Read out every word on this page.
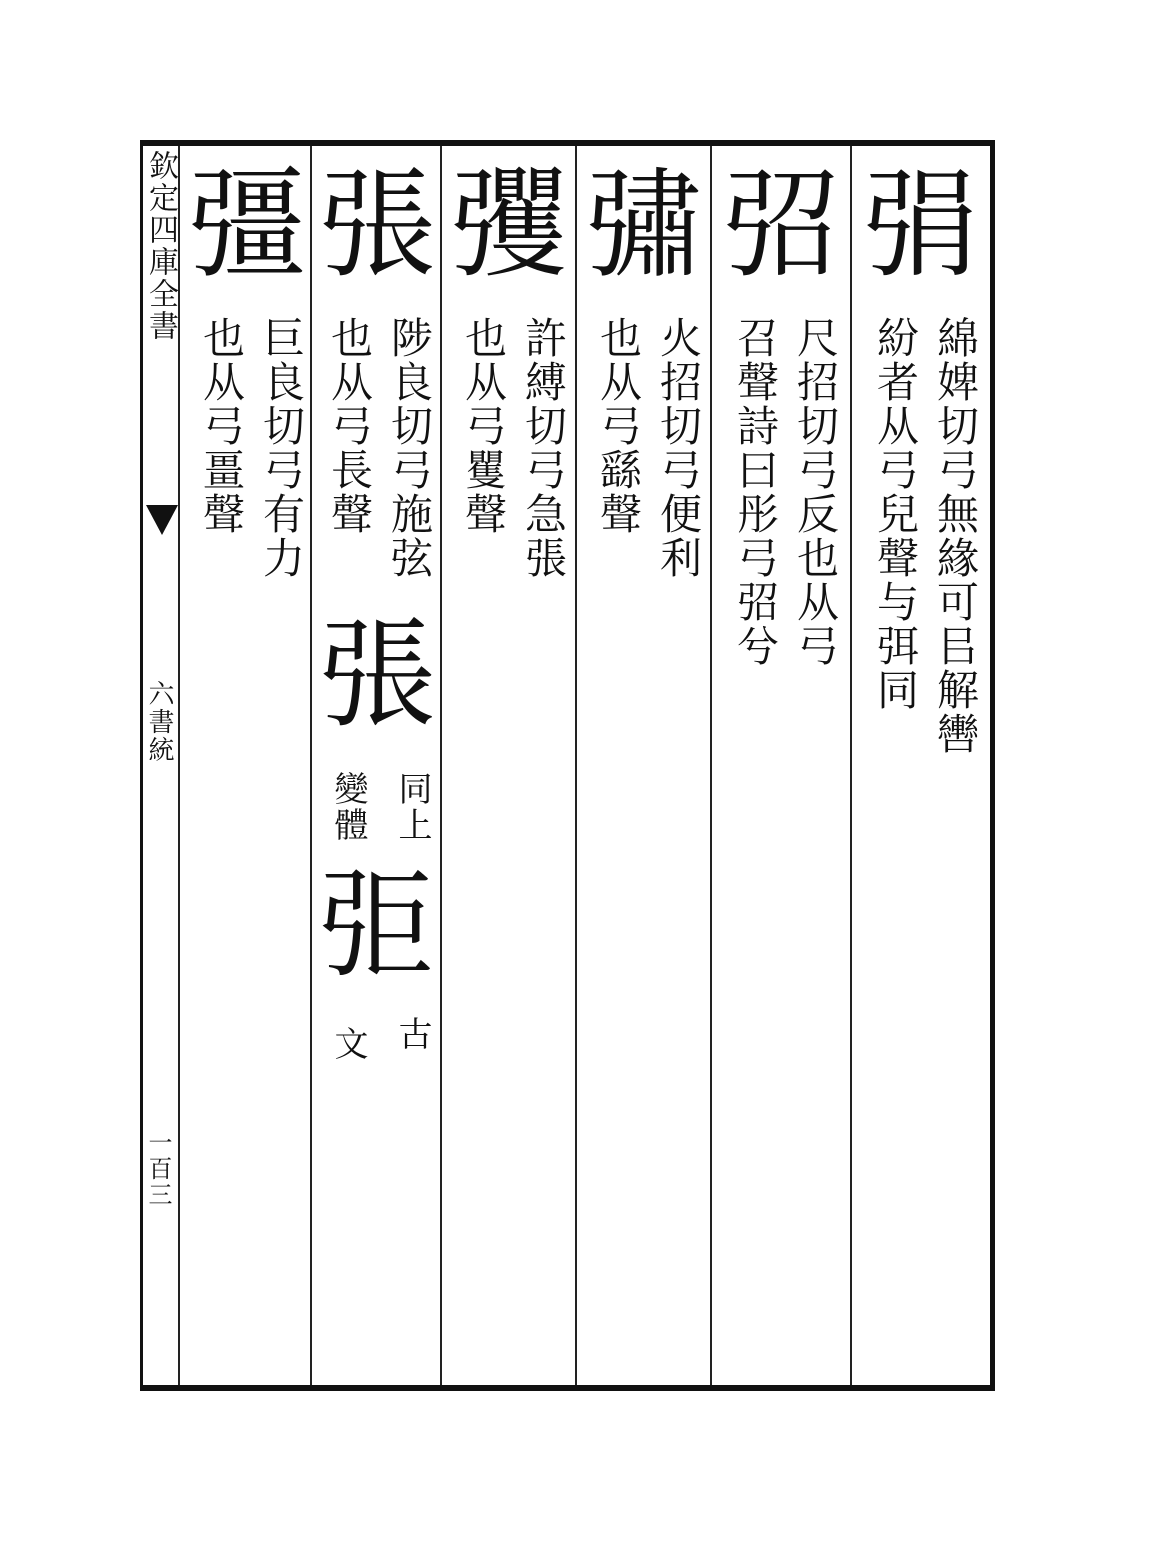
欽定四庫全書
六書統
一百三
弲
綿婢切弓無緣可㠯解轡
紛者从弓兒聲与弭同
弨
尺招切弓反也从弓
召聲詩曰彤弓弨兮
彇
火招切弓便利
也从弓繇聲
彏
許縛切弓急張
也从弓矍聲
張
陟良切弓施弦
也从弓長聲
張
同上
變體
弡
古
文
彊
巨良切弓有力
也从弓畺聲
